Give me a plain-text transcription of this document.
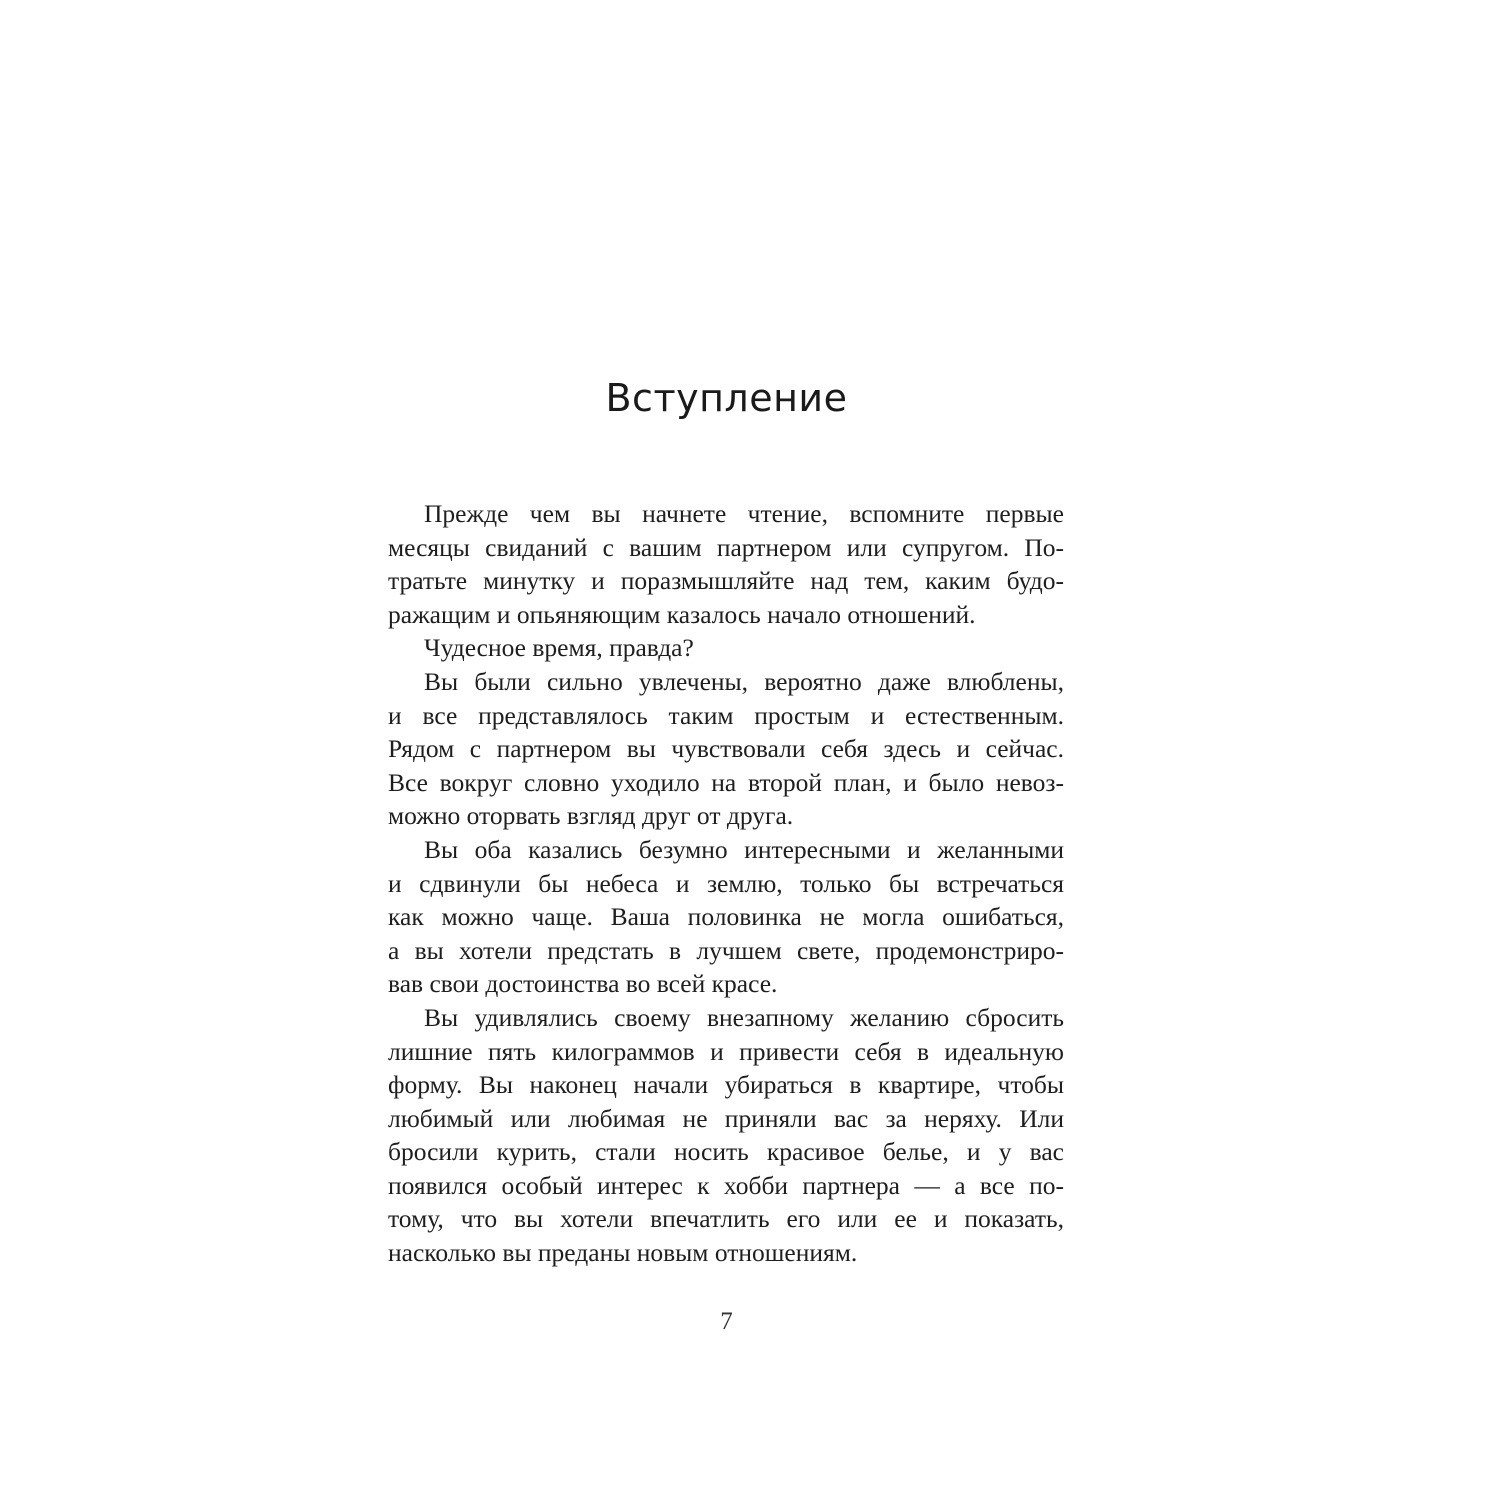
Вступление
Прежде чем вы начнете чтение, вспомните первые
месяцы свиданий с вашим партнером или супругом. По-
тратьте минутку и поразмышляйте над тем, каким будо-
ражащим и опьяняющим казалось начало отношений.
Чудесное время, правда?
Вы были сильно увлечены, вероятно даже влюблены,
и все представлялось таким простым и естественным.
Рядом с партнером вы чувствовали себя здесь и сейчас.
Все вокруг словно уходило на второй план, и было невоз-
можно оторвать взгляд друг от друга.
Вы оба казались безумно интересными и желанными
и сдвинули бы небеса и землю, только бы встречаться
как можно чаще. Ваша половинка не могла ошибаться,
а вы хотели предстать в лучшем свете, продемонстриро-
вав свои достоинства во всей красе.
Вы удивлялись своему внезапному желанию сбросить
лишние пять килограммов и привести себя в идеальную
форму. Вы наконец начали убираться в квартире, чтобы
любимый или любимая не приняли вас за неряху. Или
бросили курить, стали носить красивое белье, и у вас
появился особый интерес к хобби партнера — а все по-
тому, что вы хотели впечатлить его или ее и показать,
насколько вы преданы новым отношениям.
7
